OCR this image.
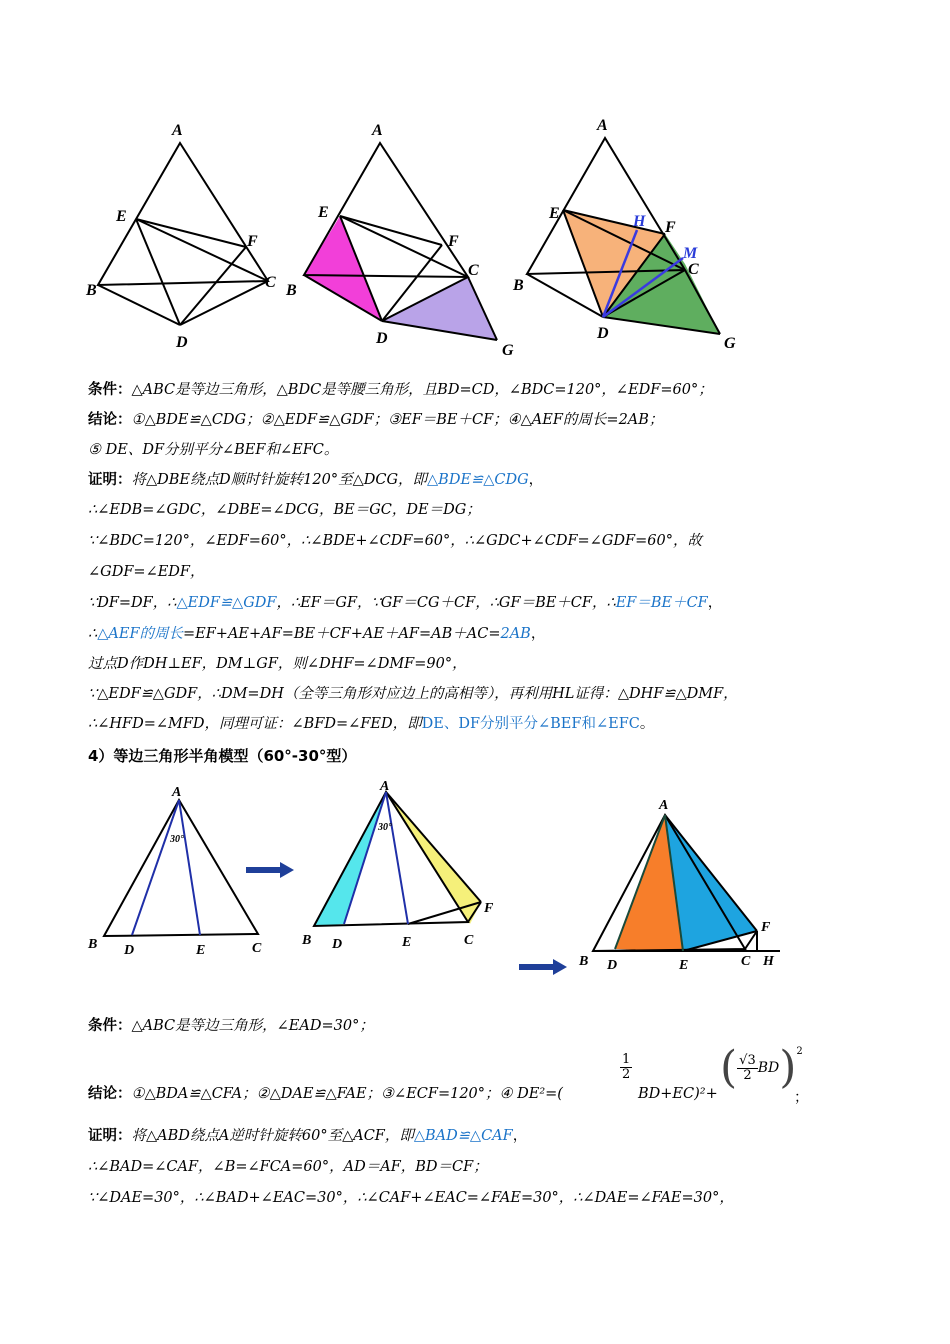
A
E
F
B	C
D
A
E
F
B
C
D
G
A
E
F
H
M
B
C
D
G
条件：△ABC是等边三角形，△BDC是等腰三角形，且BD=CD，∠BDC=120°，∠EDF=60°；
结论：①△BDE≌△CDG；②△EDF≌△GDF；③EF＝BE＋CF；④△AEF的周长=2AB；
⑤ DE、DF分别平分∠BEF和∠EFC。
证明：将△DBE绕点D顺时针旋转120°至△DCG，即△BDE≌△CDG，
∴∠EDB=∠GDC，∠DBE=∠DCG，BE＝GC，DE＝DG；
∵∠BDC=120°，∠EDF=60°，∴∠BDE+∠CDF=60°，∴∠GDC+∠CDF=∠GDF=60°，故
∠GDF=∠EDF，
∵DF=DF，∴△EDF≌△GDF，∴EF＝GF，∵GF＝CG＋CF，∴GF＝BE＋CF，∴EF＝BE＋CF，
∴△AEF的周长=EF+AE+AF=BE＋CF+AE＋AF=AB＋AC=2AB，
过点D作DH⊥EF，DM⊥GF，则∠DHF=∠DMF=90°，
∵△EDF≌△GDF，∴DM=DH（全等三角形对应边上的高相等），再利用HL证得：△DHF≌△DMF，
∴∠HFD=∠MFD，同理可证：∠BFD=∠FED，即DE、DF分别平分∠BEF和∠EFC。
4）等边三角形半角模型（60°-30°型）
A
30°
B D	E	C
A
30°
B D	E	C
F
A
B D	E	C
F
H
条件：△ABC是等边三角形，∠EAD=30°；
结论：①△BDA≌△CFA；②△DAE≌△FAE；③∠ECF=120°；④ DE²=(
$\frac{1}{2}$
BD+EC)²+
( $\frac{√3}{2} BD)^2$
；
证明：将△ABD绕点A逆时针旋转60°至△ACF，即△BAD≌△CAF，
∴∠BAD=∠CAF，∠B=∠FCA=60°，AD＝AF，BD＝CF；
∵∠DAE=30°，∴∠BAD+∠EAC=30°，∴∠CAF+∠EAC=∠FAE=30°，∴∠DAE=∠FAE=30°，
